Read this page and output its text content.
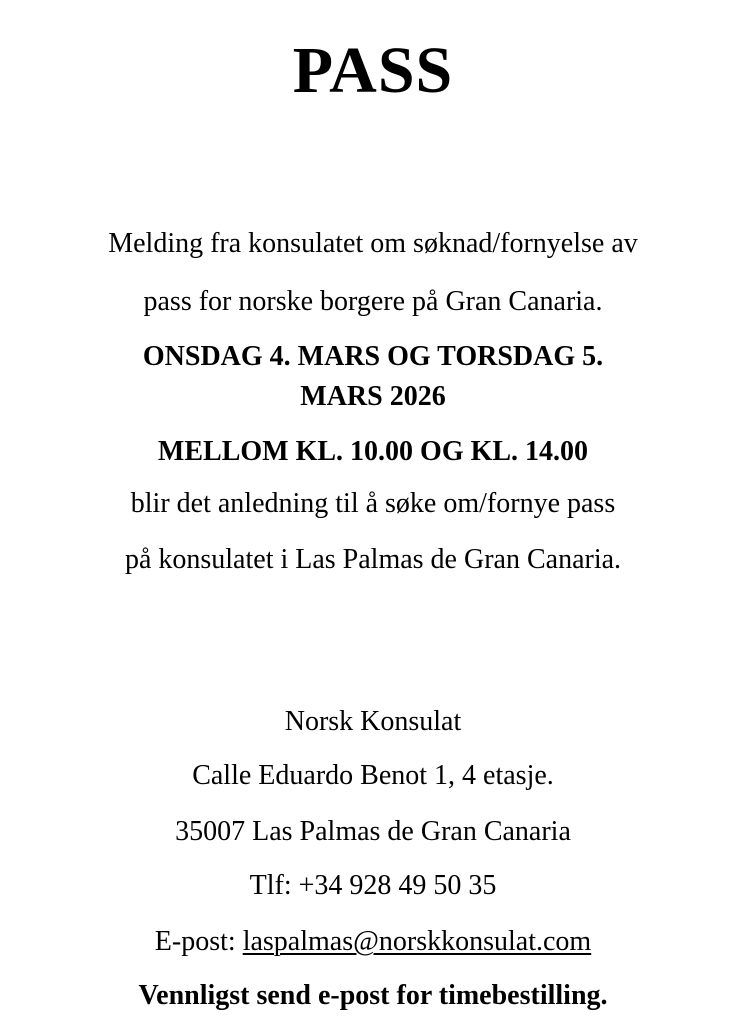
PASS
Melding fra konsulatet om søknad/fornyelse av
pass for norske borgere på Gran Canaria.
ONSDAG 4. MARS OG TORSDAG 5.
MARS 2026
MELLOM KL. 10.00 OG KL. 14.00
blir det anledning til å søke om/fornye pass
på konsulatet i Las Palmas de Gran Canaria.
Norsk Konsulat
Calle Eduardo Benot 1, 4 etasje.
35007 Las Palmas de Gran Canaria
Tlf: +34 928 49 50 35
E-post: laspalmas@norskkonsulat.com
Vennligst send e-post for timebestilling.
